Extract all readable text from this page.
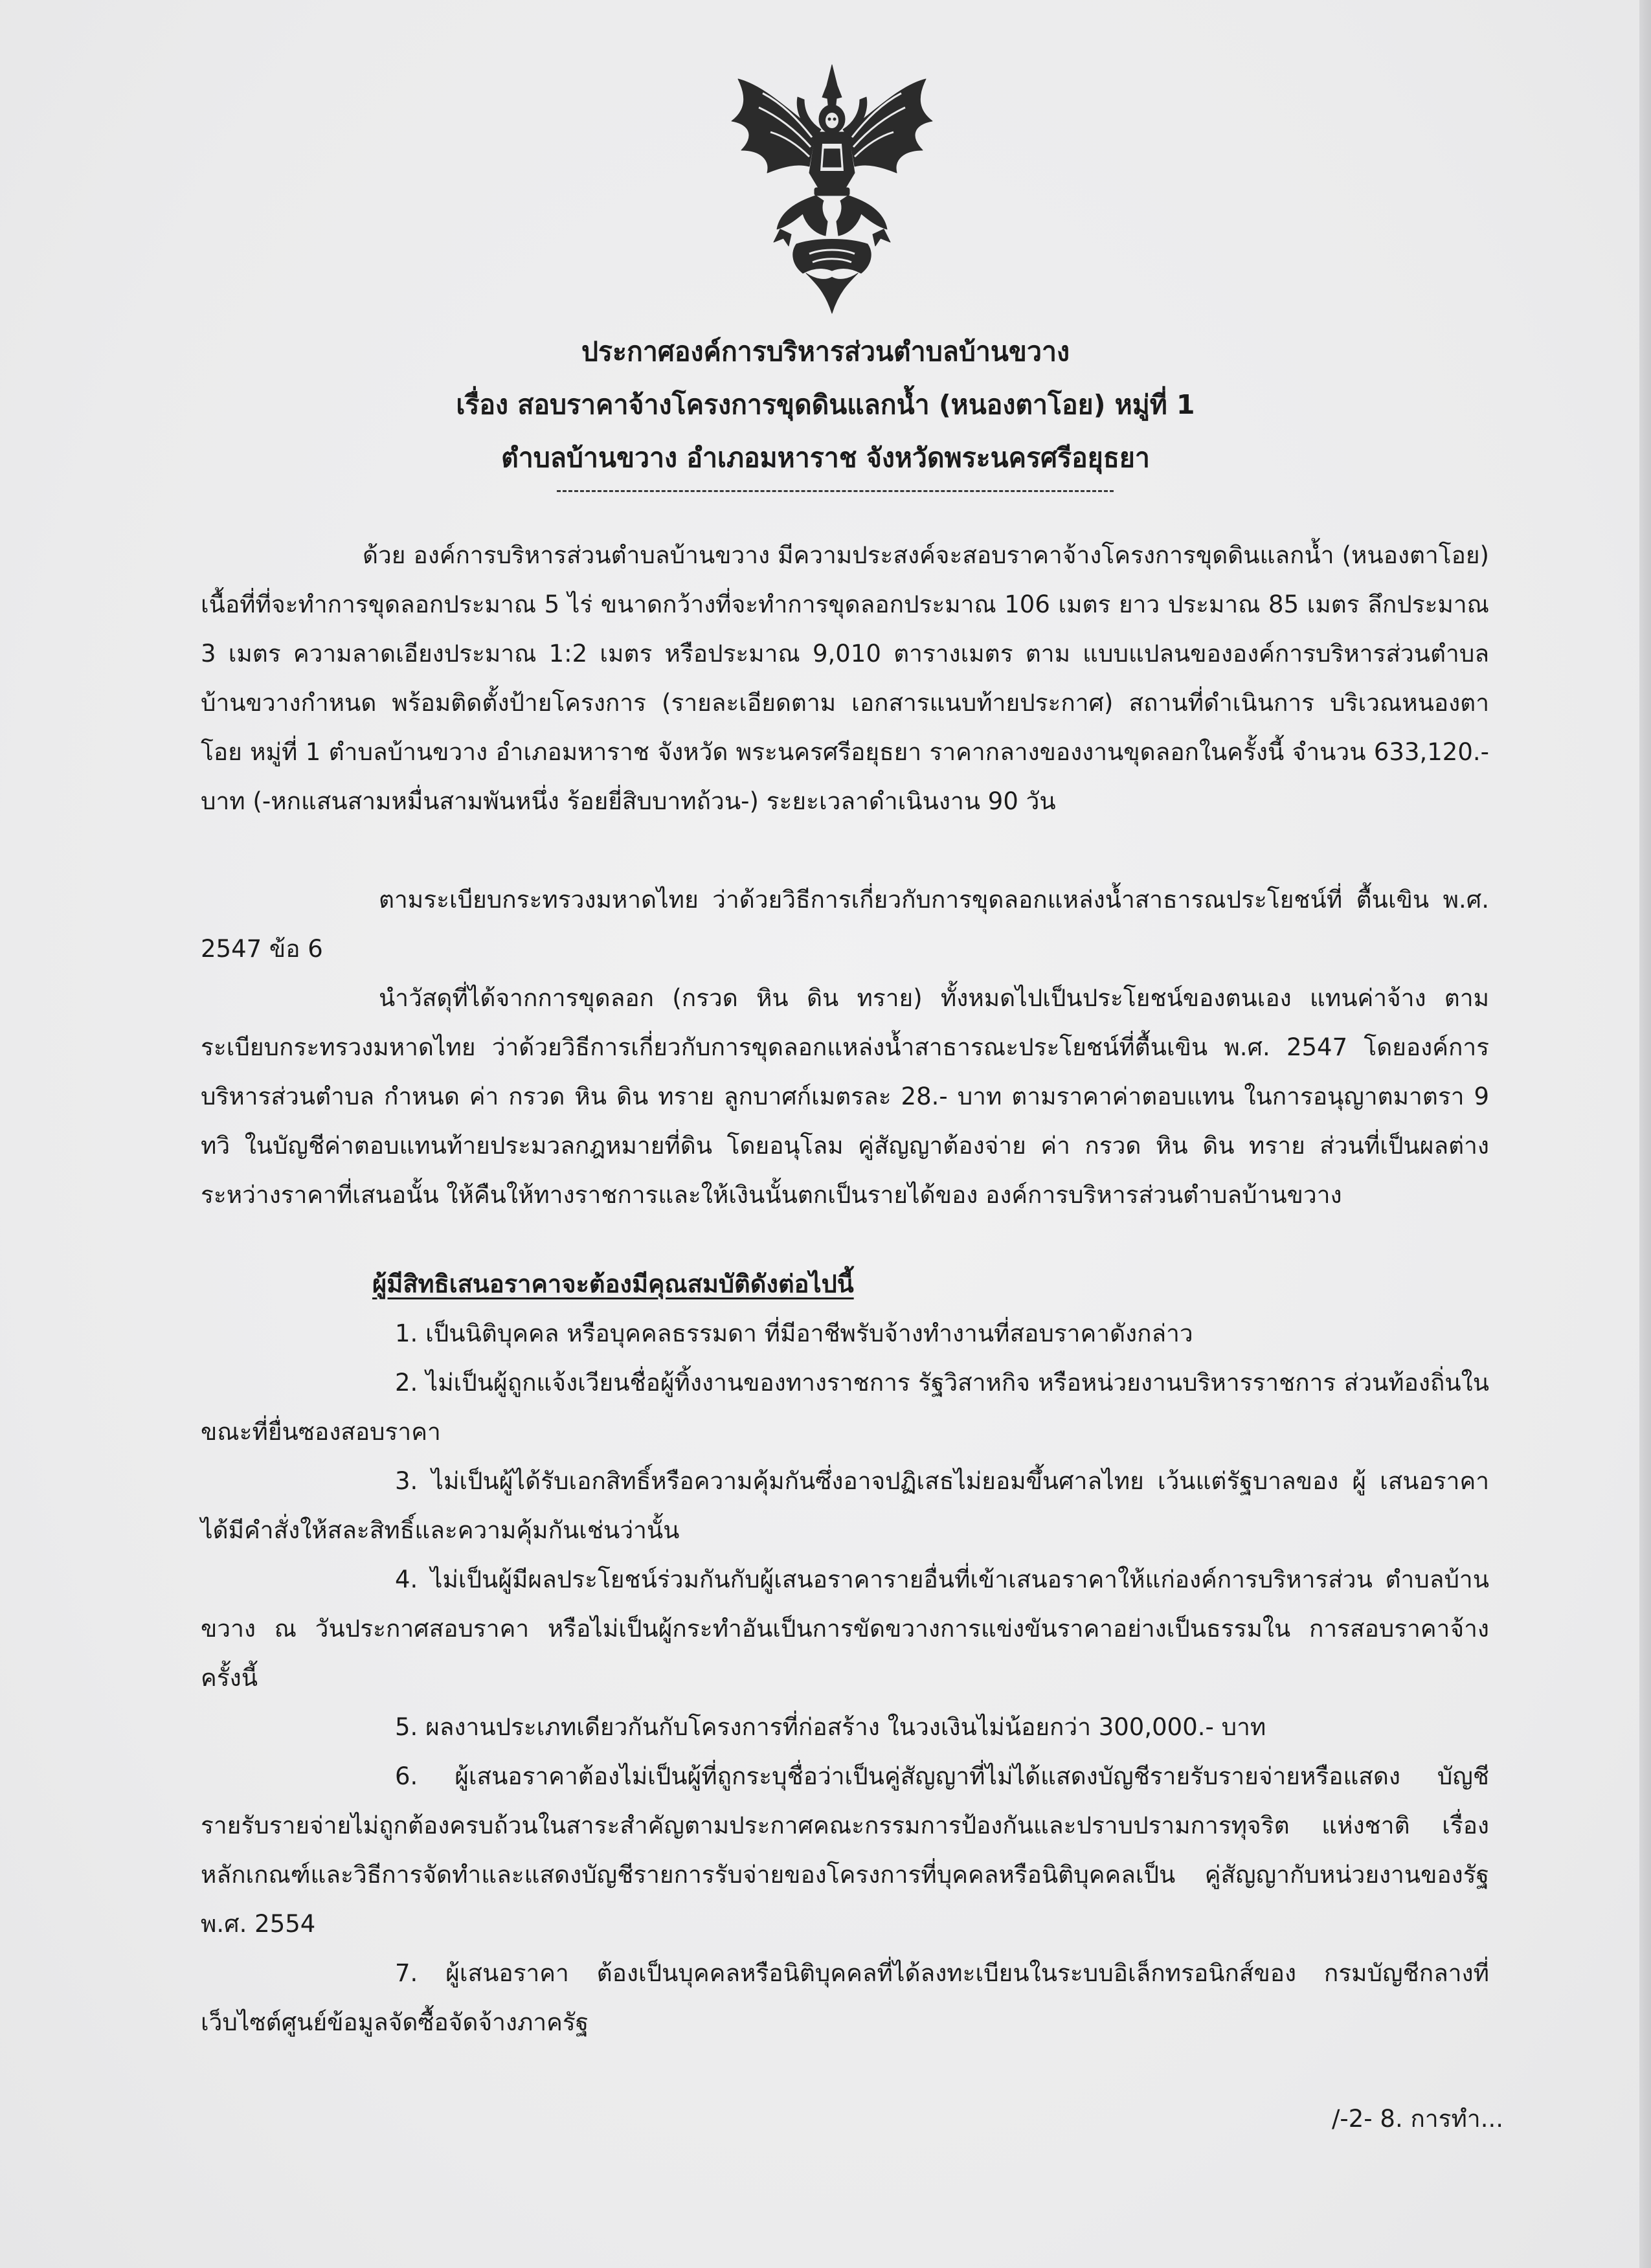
ประกาศองค์การบริหารส่วนตำบลบ้านขวาง
เรื่อง สอบราคาจ้างโครงการขุดดินแลกน้ำ (หนองตาโอย) หมู่ที่ 1
ตำบลบ้านขวาง อำเภอมหาราช จังหวัดพระนครศรีอยุธยา

ด้วย องค์การบริหารส่วนตำบลบ้านขวาง มีความประสงค์จะสอบราคาจ้างโครงการขุดดินแลกน้ำ (หนองตาโอย) เนื้อที่ที่จะทำการขุดลอกประมาณ 5 ไร่ ขนาดกว้างที่จะทำการขุดลอกประมาณ 106 เมตร ยาว ประมาณ 85 เมตร ลึกประมาณ 3 เมตร ความลาดเอียงประมาณ 1:2 เมตร หรือประมาณ 9,010 ตารางเมตร ตาม แบบแปลนขององค์การบริหารส่วนตำบลบ้านขวางกำหนด พร้อมติดตั้งป้ายโครงการ (รายละเอียดตาม เอกสารแนบท้ายประกาศ) สถานที่ดำเนินการ บริเวณหนองตาโอย หมู่ที่ 1 ตำบลบ้านขวาง อำเภอมหาราช จังหวัด พระนครศรีอยุธยา ราคากลางของงานขุดลอกในครั้งนี้ จำนวน 633,120.- บาท (-หกแสนสามหมื่นสามพันหนึ่ง ร้อยยี่สิบบาทถ้วน-) ระยะเวลาดำเนินงาน 90 วัน

ตามระเบียบกระทรวงมหาดไทย ว่าด้วยวิธีการเกี่ยวกับการขุดลอกแหล่งน้ำสาธารณประโยชน์ที่ ตื้นเขิน พ.ศ. 2547 ข้อ 6

นำวัสดุที่ได้จากการขุดลอก (กรวด หิน ดิน ทราย) ทั้งหมดไปเป็นประโยชน์ของตนเอง แทนค่าจ้าง ตามระเบียบกระทรวงมหาดไทย ว่าด้วยวิธีการเกี่ยวกับการขุดลอกแหล่งน้ำสาธารณะประโยชน์ที่ตื้นเขิน พ.ศ. 2547 โดยองค์การบริหารส่วนตำบล กำหนด ค่า กรวด หิน ดิน ทราย ลูกบาศก์เมตรละ 28.- บาท ตามราคาค่าตอบแทน ในการอนุญาตมาตรา 9 ทวิ ในบัญชีค่าตอบแทนท้ายประมวลกฎหมายที่ดิน โดยอนุโลม คู่สัญญาต้องจ่าย ค่า กรวด หิน ดิน ทราย ส่วนที่เป็นผลต่างระหว่างราคาที่เสนอนั้น ให้คืนให้ทางราชการและให้เงินนั้นตกเป็นรายได้ของ องค์การบริหารส่วนตำบลบ้านขวาง

ผู้มีสิทธิเสนอราคาจะต้องมีคุณสมบัติดังต่อไปนี้

1. เป็นนิติบุคคล หรือบุคคลธรรมดา ที่มีอาชีพรับจ้างทำงานที่สอบราคาดังกล่าว

2. ไม่เป็นผู้ถูกแจ้งเวียนชื่อผู้ทิ้งงานของทางราชการ รัฐวิสาหกิจ หรือหน่วยงานบริหารราชการ ส่วนท้องถิ่นในขณะที่ยื่นซองสอบราคา

3. ไม่เป็นผู้ได้รับเอกสิทธิ์หรือความคุ้มกันซึ่งอาจปฏิเสธไม่ยอมขึ้นศาลไทย เว้นแต่รัฐบาลของ ผู้ เสนอราคาได้มีคำสั่งให้สละสิทธิ์และความคุ้มกันเช่นว่านั้น

4. ไม่เป็นผู้มีผลประโยชน์ร่วมกันกับผู้เสนอราคารายอื่นที่เข้าเสนอราคาให้แก่องค์การบริหารส่วน ตำบลบ้านขวาง ณ วันประกาศสอบราคา หรือไม่เป็นผู้กระทำอันเป็นการขัดขวางการแข่งขันราคาอย่างเป็นธรรมใน การสอบราคาจ้าง ครั้งนี้

5. ผลงานประเภทเดียวกันกับโครงการที่ก่อสร้าง ในวงเงินไม่น้อยกว่า 300,000.- บาท

6. ผู้เสนอราคาต้องไม่เป็นผู้ที่ถูกระบุชื่อว่าเป็นคู่สัญญาที่ไม่ได้แสดงบัญชีรายรับรายจ่ายหรือแสดง บัญชีรายรับรายจ่ายไม่ถูกต้องครบถ้วนในสาระสำคัญตามประกาศคณะกรรมการป้องกันและปราบปรามการทุจริต แห่งชาติ เรื่อง หลักเกณฑ์และวิธีการจัดทำและแสดงบัญชีรายการรับจ่ายของโครงการที่บุคคลหรือนิติบุคคลเป็น คู่สัญญากับหน่วยงานของรัฐ พ.ศ. 2554

7. ผู้เสนอราคา ต้องเป็นบุคคลหรือนิติบุคคลที่ได้ลงทะเบียนในระบบอิเล็กทรอนิกส์ของ กรมบัญชีกลางที่เว็บไซต์ศูนย์ข้อมูลจัดซื้อจัดจ้างภาครัฐ

/-2- 8. การทำ...
